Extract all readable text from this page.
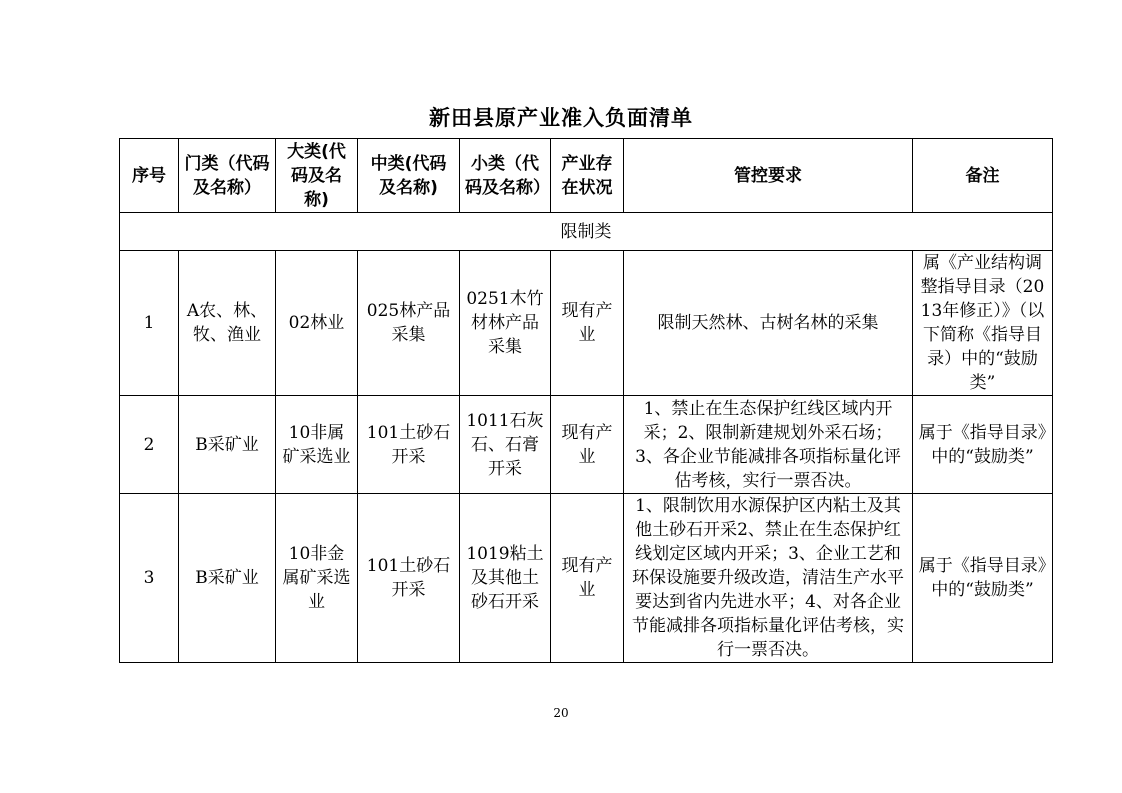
新田县原产业准入负面清单
序号	门类（代码及名称）	大类(代码及名称)	中类(代码及名称)	小类（代码及名称）	产业存在状况	管控要求	备注
限制类							
1	A农、林、牧、渔业	02林业	025林产品采集	0251木竹材林产品采集	现有产业	限制天然林、古树名林的采集	属《产业结构调整指导目录（2013年修正）》（以下简称《指导目录）中的“鼓励类”
2	B采矿业	10非属矿采选业	101土砂石开采	1011石灰石、石膏开采	现有产业	1、禁止在生态保护红线区域内开采；2、限制新建规划外采石场；3、各企业节能减排各项指标量化评估考核，实行一票否决。	属于《指导目录》中的“鼓励类”
3	B采矿业	10非金属矿采选业	101土砂石开采	1019粘土及其他土砂石开采	现有产业	1、限制饮用水源保护区内粘土及其他土砂石开采2、禁止在生态保护红线划定区域内开采；3、企业工艺和环保设施要升级改造，清洁生产水平要达到省内先进水平；4、对各企业节能减排各项指标量化评估考核，实行一票否决。	属于《指导目录》中的“鼓励类”
20
